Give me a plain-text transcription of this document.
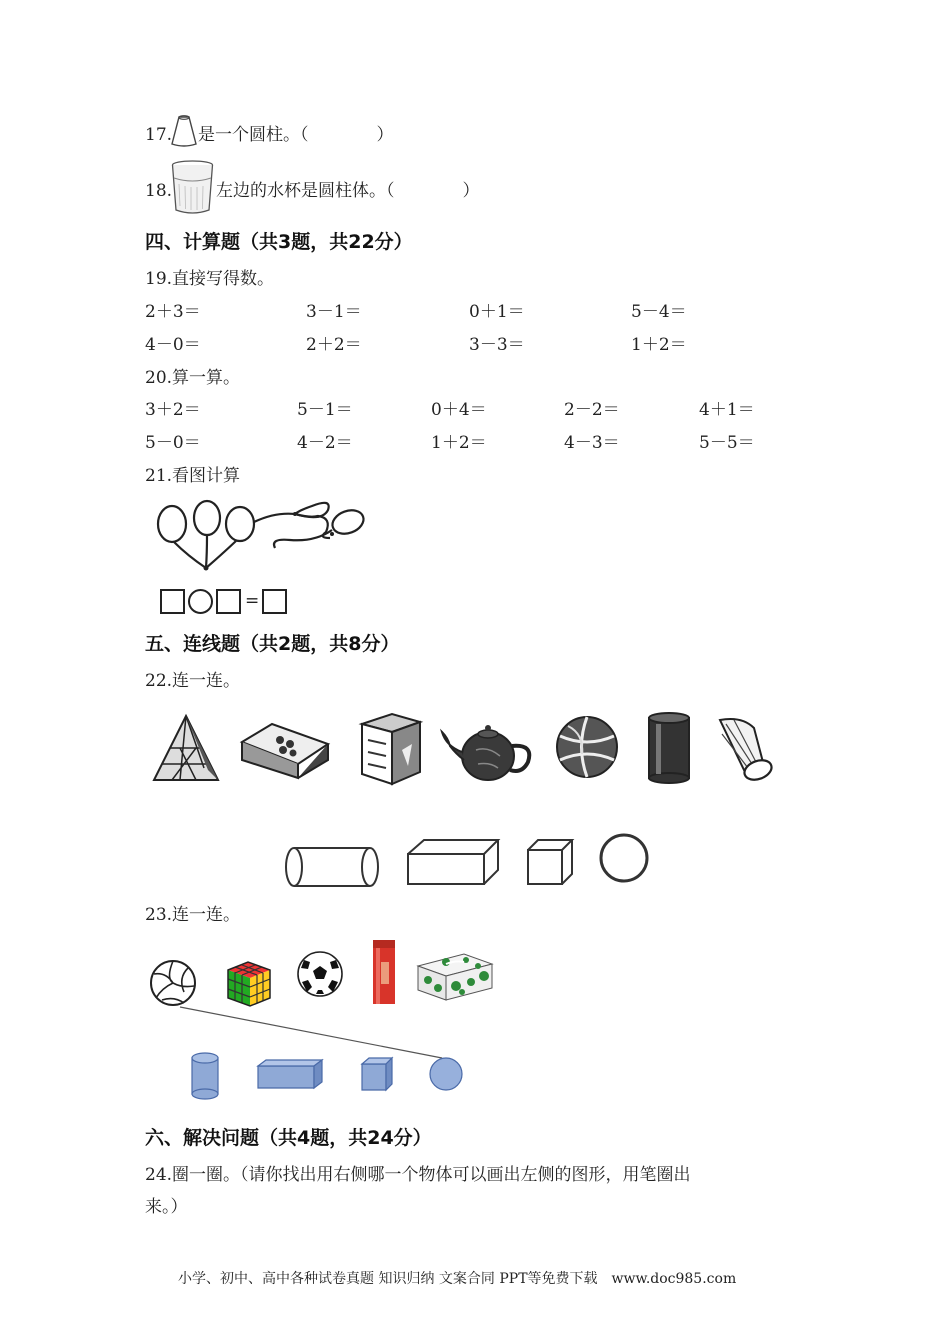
17. 是一个圆柱。（　　　　）
18.	左边的水杯是圆柱体。（　　　　）
四、计算题（共3题，共22分）
19.直接写得数。
2＋3＝	3－1＝	0＋1＝	5－4＝
4－0＝	2＋2＝	3－3＝	1＋2＝
20.算一算。
3＋2＝	5－1＝	0＋4＝	2－2＝	4＋1＝
5－0＝	4－2＝	1＋2＝	4－3＝	5－5＝
21.看图计算
=
五、连线题（共2题，共8分）
22.连一连。
23.连一连。
六、解决问题（共4题，共24分）
24.圈一圈。（请你找出用右侧哪一个物体可以画出左侧的图形，用笔圈出
来。）
小学、初中、高中各种试卷真题 知识归纳 文案合同 PPT等免费下载　www.doc985.com
